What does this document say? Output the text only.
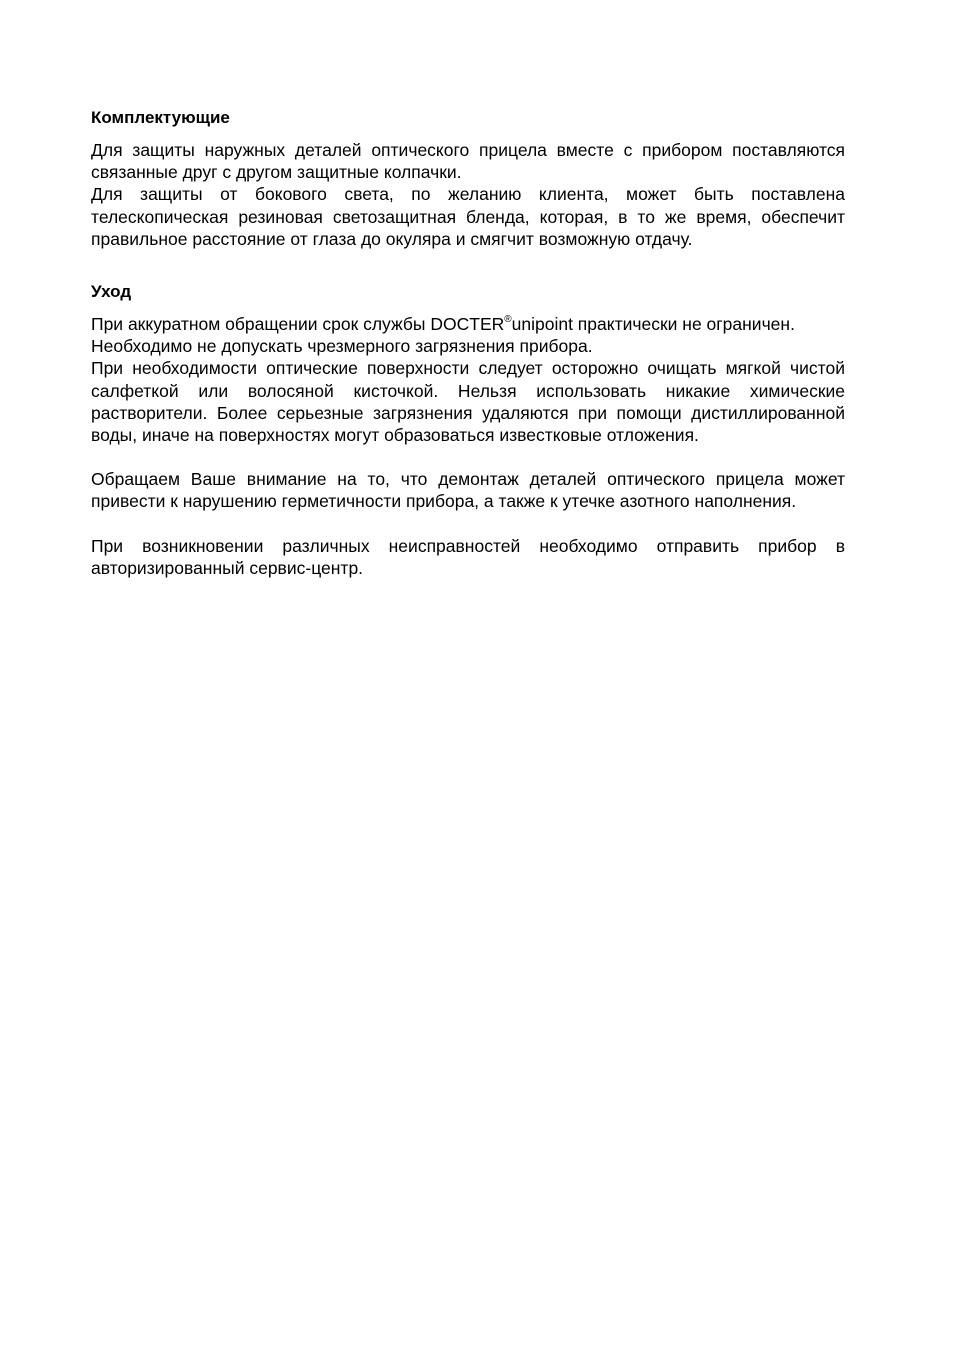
Комплектующие

Для защиты наружных деталей оптического прицела вместе с прибором поставляются связанные друг с другом защитные колпачки.

Для защиты от бокового света, по желанию клиента, может быть поставлена телескопическая резиновая светозащитная бленда, которая, в то же время, обеспечит правильное расстояние от глаза до окуляра и смягчит возможную отдачу.

Уход

При аккуратном обращении срок службы DOCTER®unipoint практически не ограничен.

Необходимо не допускать чрезмерного загрязнения прибора.

При необходимости оптические поверхности следует осторожно очищать мягкой чистой салфеткой или волосяной кисточкой. Нельзя использовать никакие химические растворители. Более серьезные загрязнения удаляются при помощи дистиллированной воды, иначе на поверхностях могут образоваться известковые отложения.

Обращаем Ваше внимание на то, что демонтаж деталей оптического прицела может привести к нарушению герметичности прибора, а также к утечке азотного наполнения.

При возникновении различных неисправностей необходимо отправить прибор в авторизированный сервис-центр.
